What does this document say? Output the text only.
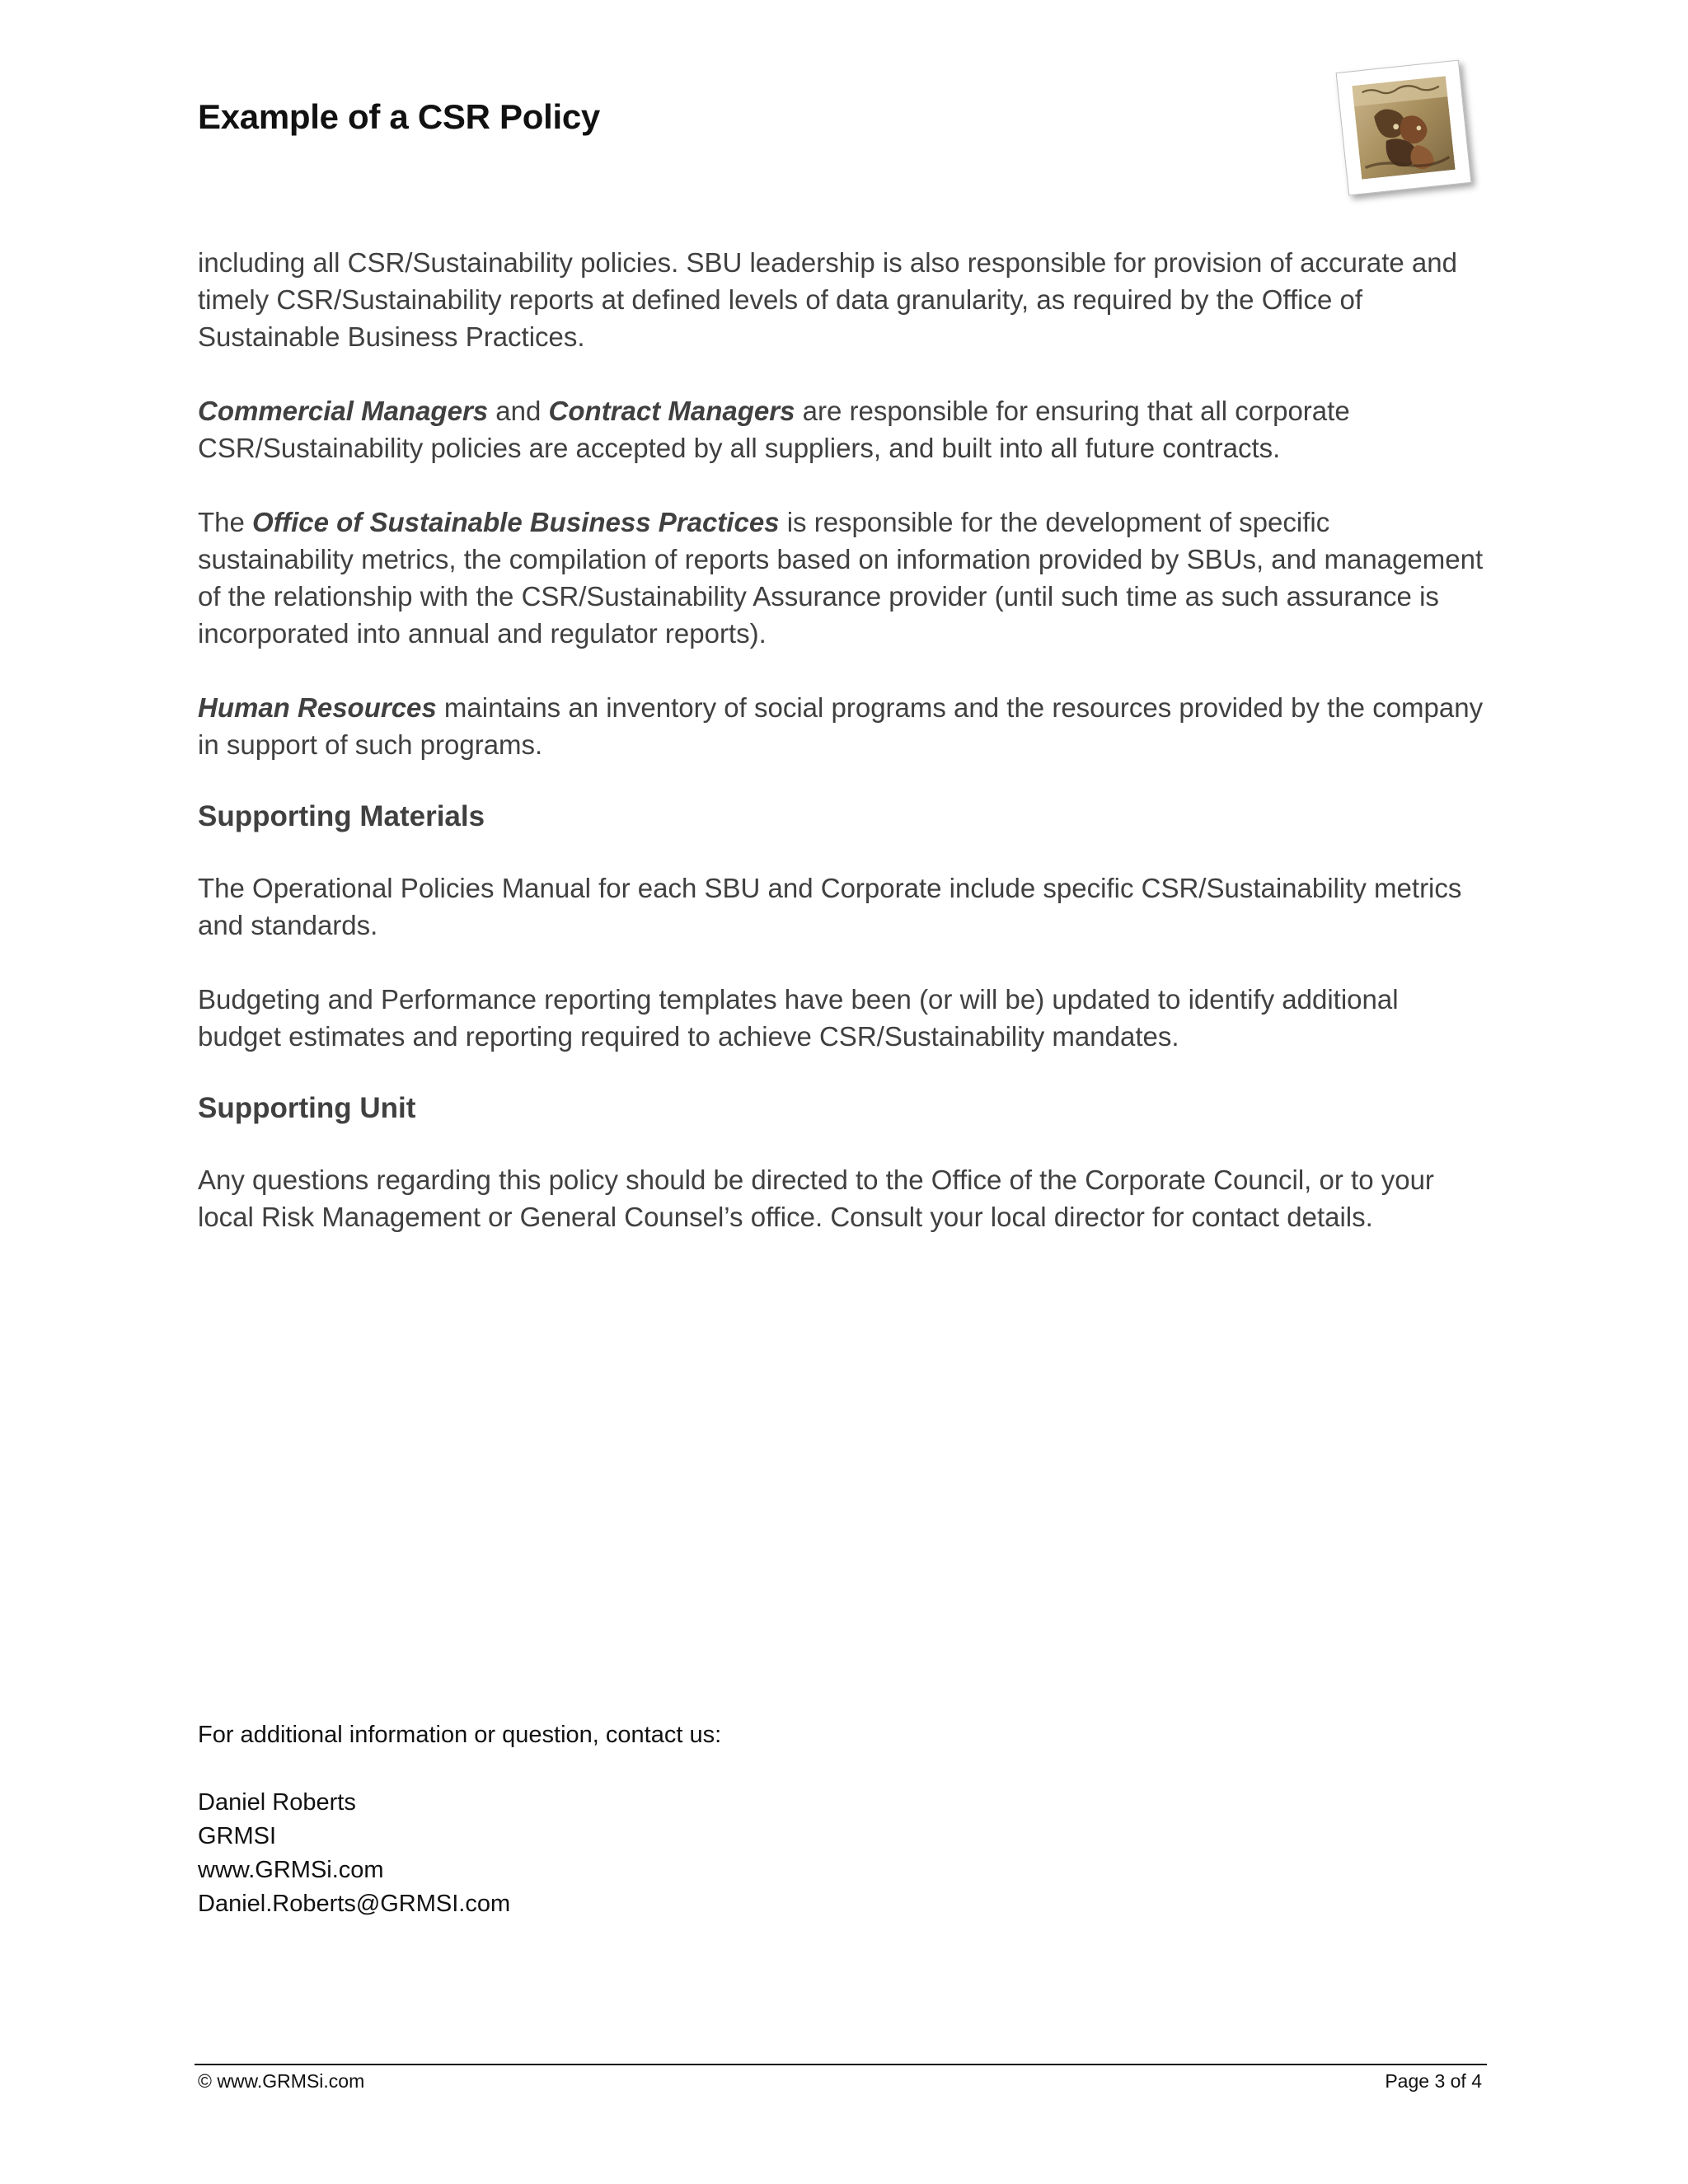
Example of a CSR Policy

including all CSR/Sustainability policies. SBU leadership is also responsible for provision of accurate and timely CSR/Sustainability reports at defined levels of data granularity, as required by the Office of Sustainable Business Practices.

Commercial Managers and Contract Managers are responsible for ensuring that all corporate CSR/Sustainability policies are accepted by all suppliers, and built into all future contracts.

The Office of Sustainable Business Practices is responsible for the development of specific sustainability metrics, the compilation of reports based on information provided by SBUs, and management of the relationship with the CSR/Sustainability Assurance provider (until such time as such assurance is incorporated into annual and regulator reports).

Human Resources maintains an inventory of social programs and the resources provided by the company in support of such programs.

Supporting Materials

The Operational Policies Manual for each SBU and Corporate include specific CSR/Sustainability metrics and standards.

Budgeting and Performance reporting templates have been (or will be) updated to identify additional budget estimates and reporting required to achieve CSR/Sustainability mandates.

Supporting Unit

Any questions regarding this policy should be directed to the Office of the Corporate Council, or to your local Risk Management or General Counsel’s office. Consult your local director for contact details.

For additional information or question, contact us:

Daniel Roberts
GRMSI
www.GRMSi.com
Daniel.Roberts@GRMSI.com
© www.GRMSi.com	Page 3 of 4
